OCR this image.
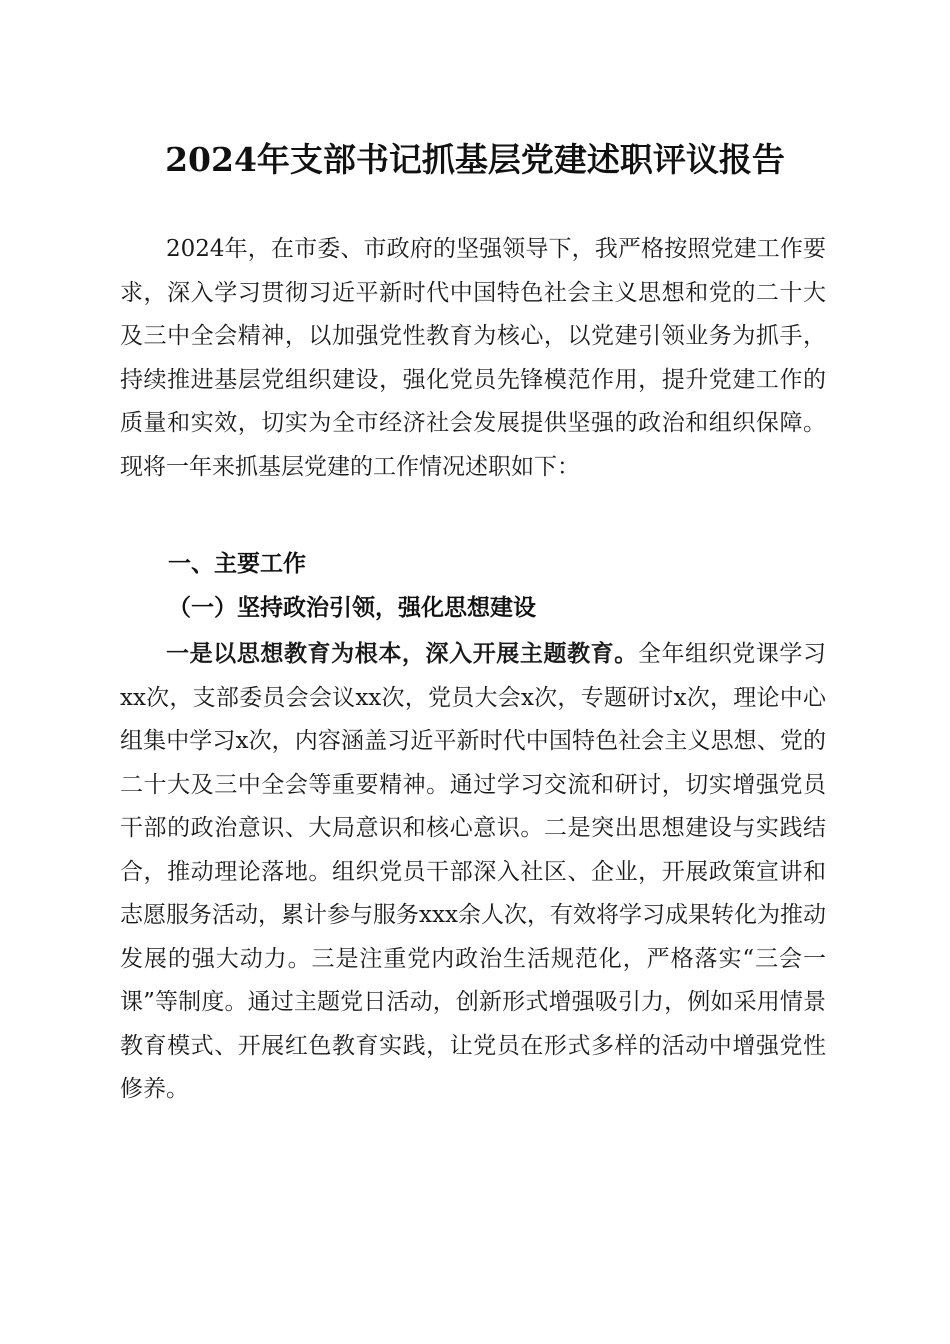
2024年支部书记抓基层党建述职评议报告

2024年，在市委、市政府的坚强领导下，我严格按照党建工作要求，深入学习贯彻习近平新时代中国特色社会主义思想和党的二十大及三中全会精神，以加强党性教育为核心，以党建引领业务为抓手，持续推进基层党组织建设，强化党员先锋模范作用，提升党建工作的质量和实效，切实为全市经济社会发展提供坚强的政治和组织保障。现将一年来抓基层党建的工作情况述职如下：

一、主要工作
（一）坚持政治引领，强化思想建设

一是以思想教育为根本，深入开展主题教育。全年组织党课学习xx次，支部委员会会议xx次，党员大会x次，专题研讨x次，理论中心组集中学习x次，内容涵盖习近平新时代中国特色社会主义思想、党的二十大及三中全会等重要精神。通过学习交流和研讨，切实增强党员干部的政治意识、大局意识和核心意识。二是突出思想建设与实践结合，推动理论落地。组织党员干部深入社区、企业，开展政策宣讲和志愿服务活动，累计参与服务xxx余人次，有效将学习成果转化为推动发展的强大动力。三是注重党内政治生活规范化，严格落实“三会一课”等制度。通过主题党日活动，创新形式增强吸引力，例如采用情景教育模式、开展红色教育实践，让党员在形式多样的活动中增强党性修养。
